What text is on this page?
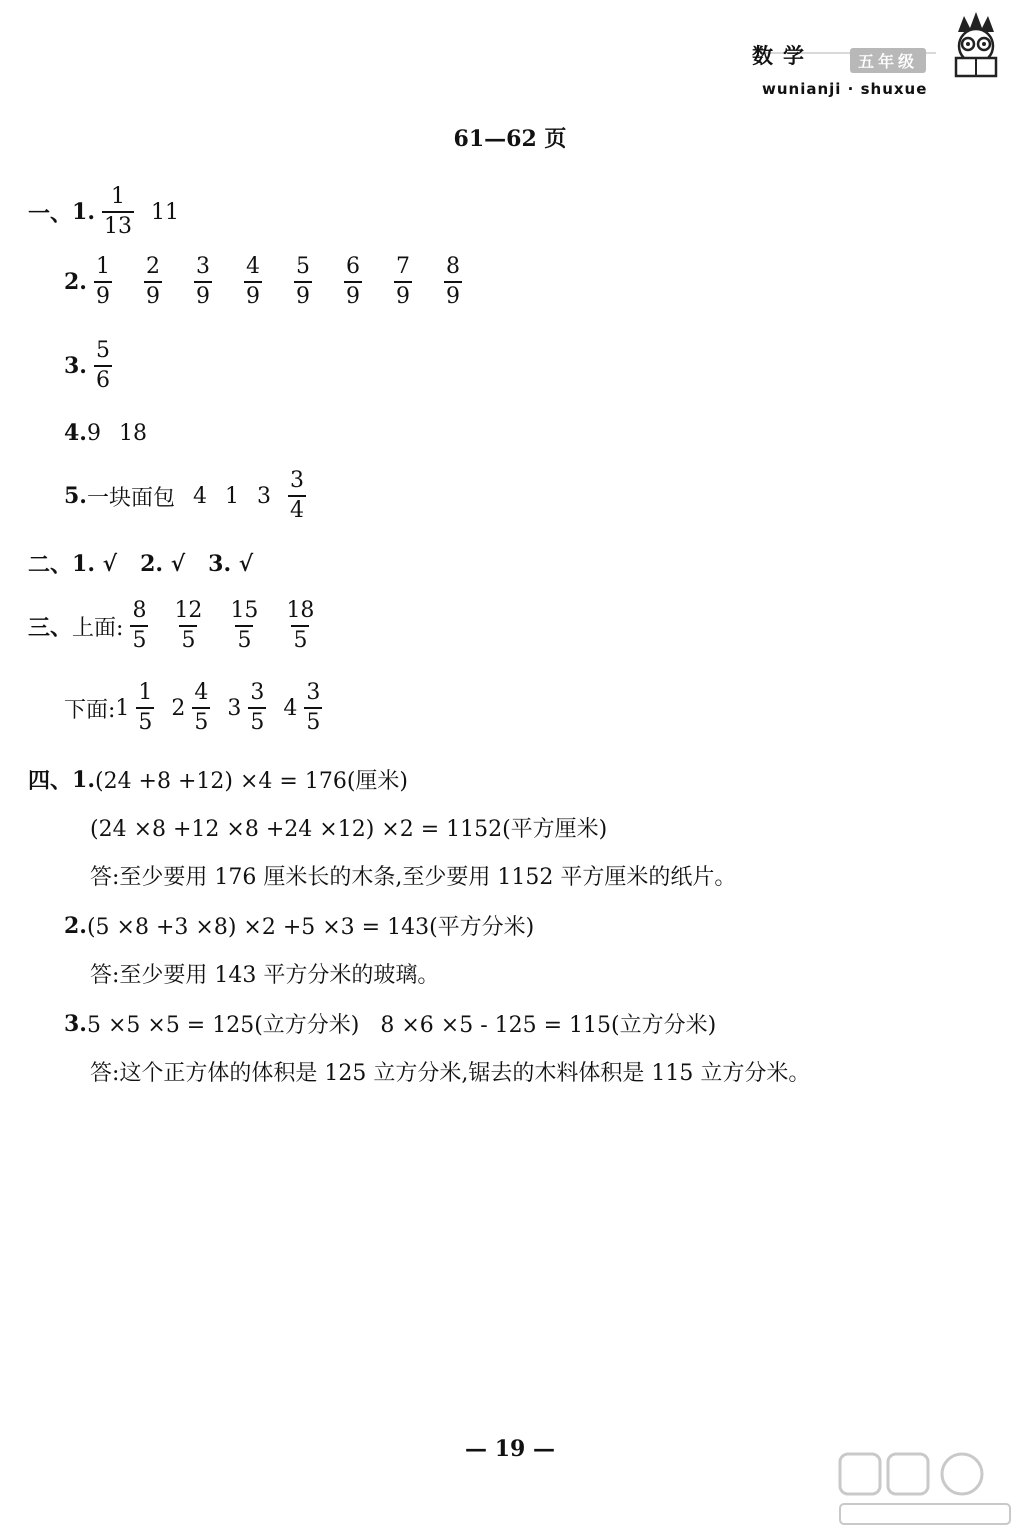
数学	五年级
wunianji · shuxue
61—62 页
一、 1. $\frac{1}{13} 11$
2. $\frac{1}{9} \frac{2}{9} \frac{3}{9} \frac{4}{9} \frac{5}{9} \frac{6}{9} \frac{7}{9} \frac{8}{9}$
3. $\frac{5}{6}$
4. 9 18
5. 一块面包 4 1 $3 \frac{3}{4}$
二、 1. √   2. √   3. √
三、 上面: $\frac{8}{5} \frac{12}{5} \frac{15}{5} \frac{18}{5}$
下面: $1 \frac{1}{5} 2 \frac{4}{5} 3 \frac{3}{5} 4 \frac{3}{5}$
四、 1. (24 +8 +12) ×4 = 176(厘米)
(24 ×8 +12 ×8 +24 ×12) ×2 = 1152(平方厘米)
答:至少要用 176 厘米长的木条,至少要用 1152 平方厘米的纸片。
2. (5 ×8 +3 ×8) ×2 +5 ×3 = 143(平方分米)
答:至少要用 143 平方分米的玻璃。
3. 5 ×5 ×5 = 125(立方分米)   8 ×6 ×5 - 125 = 115(立方分米)
答:这个正方体的体积是 125 立方分米,锯去的木料体积是 115 立方分米。
— 19 —
